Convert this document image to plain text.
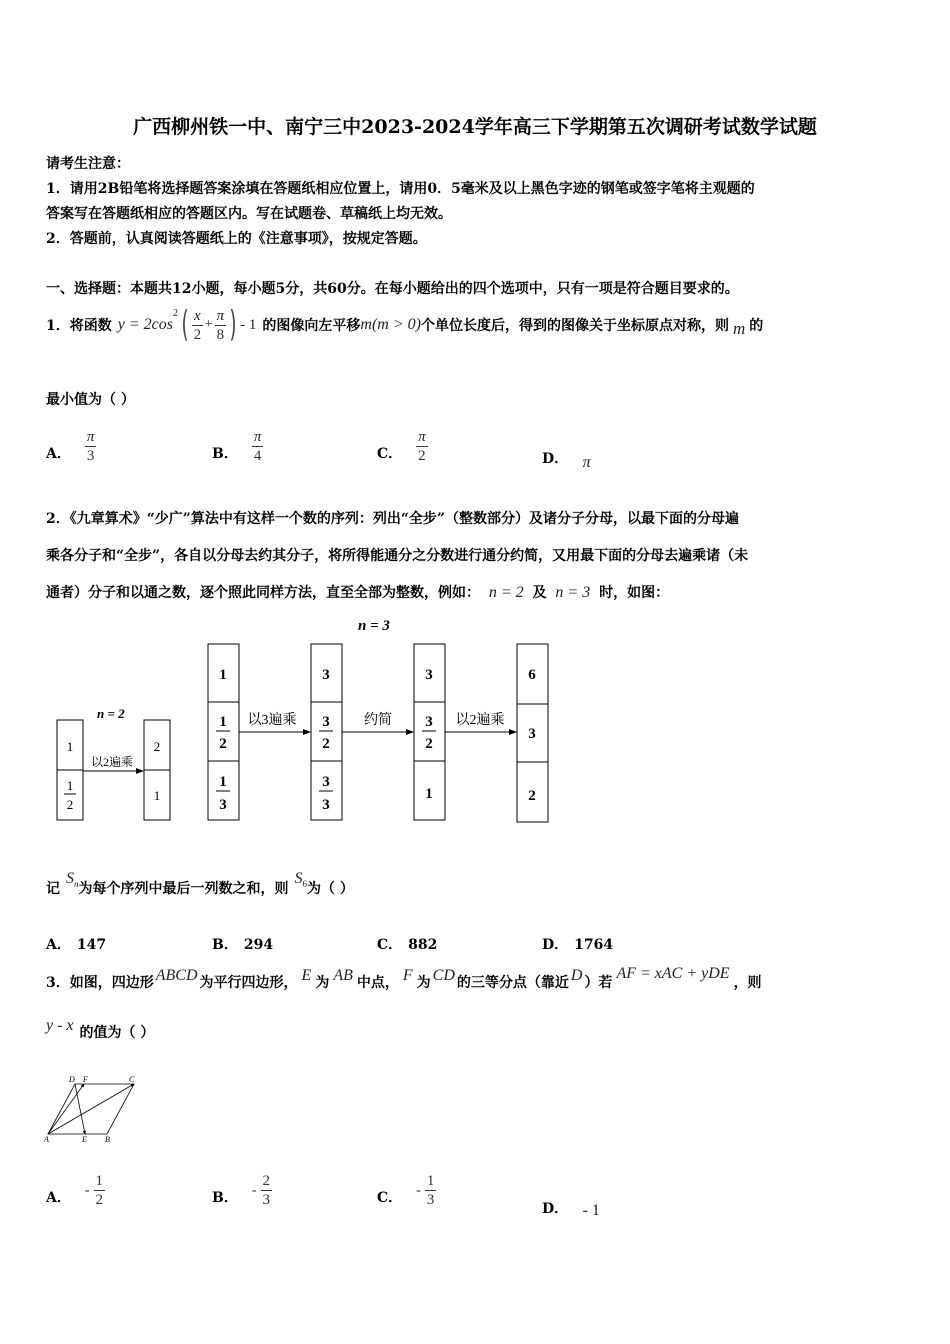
广西柳州铁一中、南宁三中2023-2024学年高三下学期第五次调研考试数学试题
请考生注意：
1．请用2B铅笔将选择题答案涂填在答题纸相应位置上，请用0．5毫米及以上黑色字迹的钢笔或签字笔将主观题的
答案写在答题纸相应的答题区内。写在试题卷、草稿纸上均无效。
2．答题前，认真阅读答题纸上的《注意事项》，按规定答题。
一、选择题：本题共12小题，每小题5分，共60分。在每小题给出的四个选项中，只有一项是符合题目要求的。
1．将函数 y = 2cos
$^2$ ( $\frac{x}{2} + \frac{\pi}{8}$ ) - 1 的图像向左平移 m(m > 0) 个单位长度后，得到的图像关于坐标原点对称，则 m 的
最小值为（ ）
A． $\frac{\pi}{3}$	B． $\frac{\pi}{4}$	C． $\frac{\pi}{2}$	D． π
2．《九章算术》“少广”算法中有这样一个数的序列：列出“全步”（整数部分）及诸分子分母，以最下面的分母遍
乘各分子和“全步”，各自以分母去约其分子，将所得能通分之分数进行通分约简，又用最下面的分母去遍乘诸（未
通者）分子和以通之数，逐个照此同样方法，直至全部为整数，例如： n = 2 及 n = 3 时，如图：
n = 3
n = 2
1
1
2
以2遍乘
2
1
1
1
2
1
3
以3遍乘
3
3
2
3
3
约简
3
3
2
1
以2遍乘
6
3
2
记
$S_n$ 为每个序列中最后一列数之和，则
$S_6$ 为（ ）
A． 147	B． 294	C． 882	D． 1764
3．如图，四边形 ABCD 为平行四边形， E 为 AB 中点， F 为 CD 的三等分点（靠近 D ）若
AF = xAC + yDE
，则
y - x 的值为（ ）
D F	C
A	E B
A． - $\frac{1}{2}$	B． - $\frac{2}{3}$	C． - $\frac{1}{3}$	D． - 1
